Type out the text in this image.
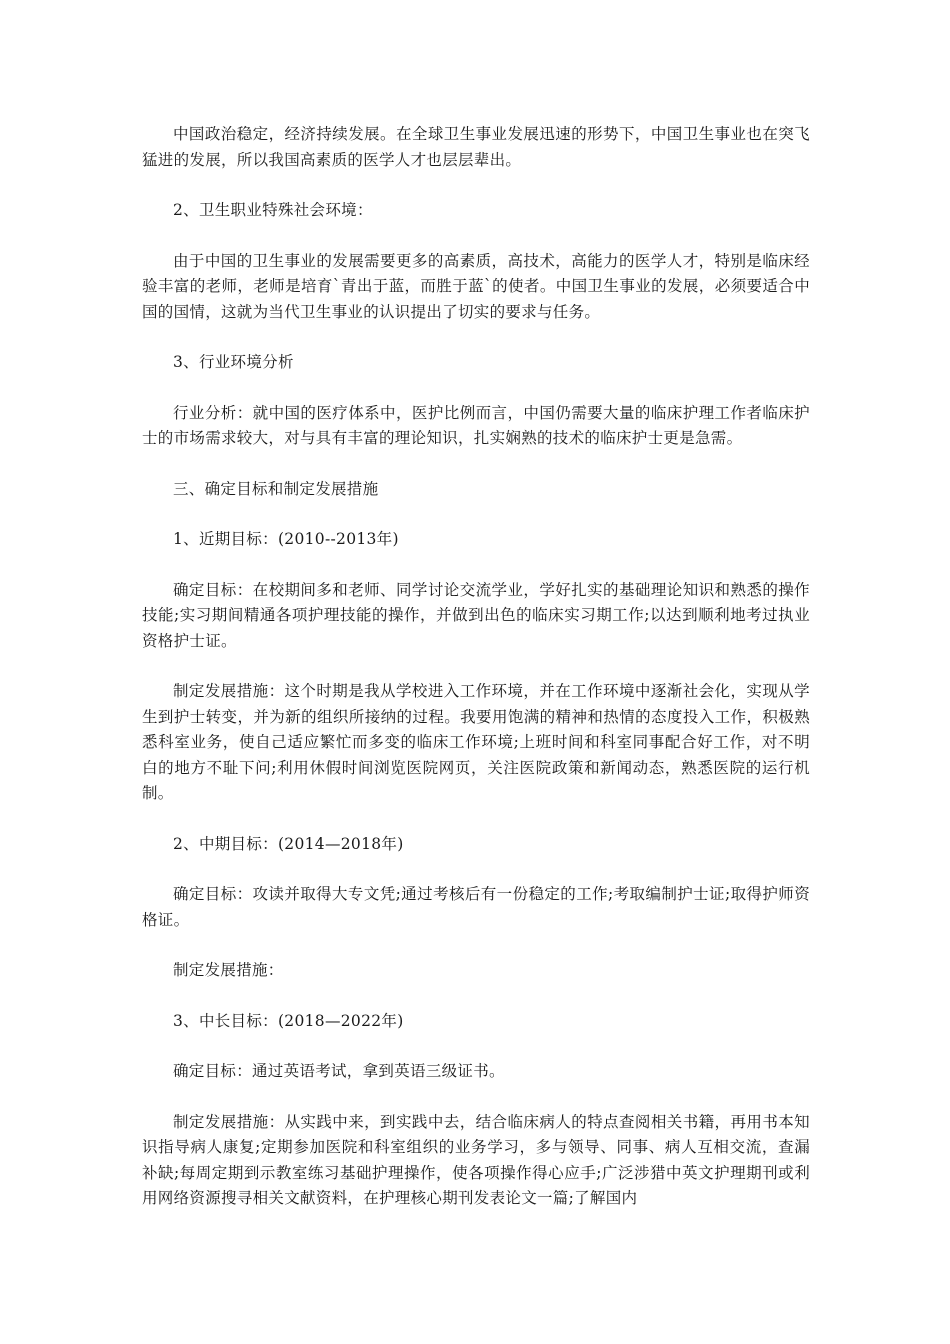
中国政治稳定，经济持续发展。在全球卫生事业发展迅速的形势下，中国卫生事业也在突飞猛进的发展，所以我国高素质的医学人才也层层辈出。

2、卫生职业特殊社会环境：

由于中国的卫生事业的发展需要更多的高素质，高技术，高能力的医学人才，特别是临床经验丰富的老师，老师是培育`青出于蓝，而胜于蓝`的使者。中国卫生事业的发展，必须要适合中国的国情，这就为当代卫生事业的认识提出了切实的要求与任务。

3、行业环境分析

行业分析：就中国的医疗体系中，医护比例而言，中国仍需要大量的临床护理工作者临床护士的市场需求较大，对与具有丰富的理论知识，扎实娴熟的技术的临床护士更是急需。

三、确定目标和制定发展措施

1、近期目标：(2010--2013年)

确定目标：在校期间多和老师、同学讨论交流学业，学好扎实的基础理论知识和熟悉的操作技能;实习期间精通各项护理技能的操作，并做到出色的临床实习期工作;以达到顺利地考过执业资格护士证。

制定发展措施：这个时期是我从学校进入工作环境，并在工作环境中逐渐社会化，实现从学生到护士转变，并为新的组织所接纳的过程。我要用饱满的精神和热情的态度投入工作，积极熟悉科室业务，使自己适应繁忙而多变的临床工作环境;上班时间和科室同事配合好工作，对不明白的地方不耻下问;利用休假时间浏览医院网页，关注医院政策和新闻动态，熟悉医院的运行机制。

2、中期目标：(2014—2018年)

确定目标：攻读并取得大专文凭;通过考核后有一份稳定的工作;考取编制护士证;取得护师资格证。

制定发展措施：

3、中长目标：(2018—2022年)

确定目标：通过英语考试，拿到英语三级证书。

制定发展措施：从实践中来，到实践中去，结合临床病人的特点查阅相关书籍，再用书本知识指导病人康复;定期参加医院和科室组织的业务学习，多与领导、同事、病人互相交流，查漏补缺;每周定期到示教室练习基础护理操作，使各项操作得心应手;广泛涉猎中英文护理期刊或利用网络资源搜寻相关文献资料，在护理核心期刊发表论文一篇;了解国内
